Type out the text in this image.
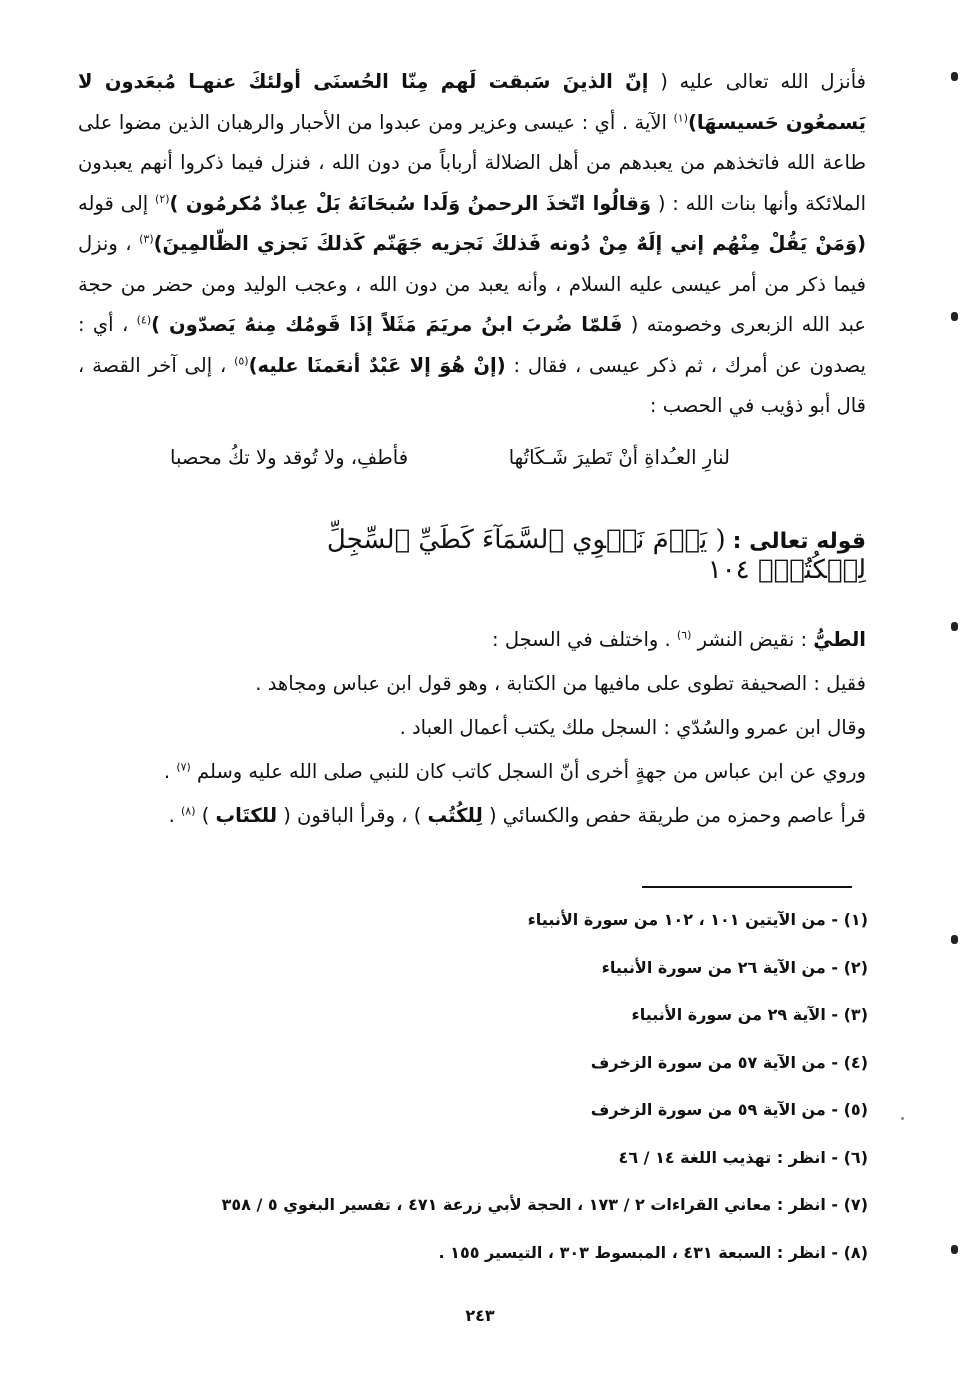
فأنزل الله تعالى عليه ( إنّ الذينَ سَبقت لَهم مِنّا الحُسنَى أولئكَ عنهـا مُبعَدون لا يَسمعُون حَسيسهَا)$^{(١)}$ الآية . أي : عيسى وعزير ومن عبدوا من الأحبار والرهبان الذين مضوا على طاعة الله فاتخذهم من يعبدهم من أهل الضلالة أرباباً من دون الله ، فنزل فيما ذكروا أنهم يعبدون الملائكة وأنها بنات الله : ( وَقالُوا اتّخذَ الرحمنُ وَلَدا سُبحَانَهُ بَلْ عِبادٌ مُكرمُون )$^{(٢)}$ إلى قوله (وَمَنْ يَقُلْ مِنْهُم إني إلَهٌ مِنْ دُونه فَذلكَ نَجزيه جَهَنّم كَذلكَ نَجزي الظّالمِينَ)$^{(٣)}$ ، ونزل فيما ذكر من أمر عيسى عليه السلام ، وأنه يعبد من دون الله ، وعجب الوليد ومن حضر من حجة عبد الله الزبعرى وخصومته ( فَلمّا ضُربَ ابنُ مريَمَ مَثَلاً إذَا قَومُك مِنهُ يَصدّون )$^{(٤)}$ ، أي : يصدون عن أمرك ، ثم ذكر عيسى ، فقال : (إنْ هُوَ إلا عَبْدٌ أنعَمنَا عليه)$^{(٥)}$ ، إلى آخر القصة ، قال أبو ذؤيب في الحصب :

لنارِ العـُداةِ أنْ تَطيرَ شَـكَاتُها
فأطفِ، ولا تُوقد ولا تكُ محصبا
قوله تعالى : ( يَوۡمَ نَطۡوِي ٱلسَّمَآءَ كَطَيِّ ٱلسِّجِلِّ لِلۡكُتُبِۚ ١٠٤
الطيُّ : نقيض النشر $^{(٦)}$ . واختلف في السجل :
فقيل : الصحيفة تطوى على مافيها من الكتابة ، وهو قول ابن عباس ومجاهد .
وقال ابن عمرو والسُدّي : السجل ملك يكتب أعمال العباد .
وروي عن ابن عباس من جهةٍ أخرى أنّ السجل كاتب كان للنبي صلى الله عليه وسلم $^{(٧)}$ .
قرأ عاصم وحمزه من طريقة حفص والكسائي ( لِلكُتُب ) ، وقرأ الباقون ( للكتَاب ) $^{(٨)}$ .
(١) - من الآيتين ١٠١ ، ١٠٢ من سورة الأنبياء
(٢) - من الآية ٢٦ من سورة الأنبياء
(٣) - الآية ٢٩ من سورة الأنبياء
(٤) - من الآية ٥٧ من سورة الزخرف
(٥) - من الآية ٥٩ من سورة الزخرف
(٦) - انظر : تهذيب اللغة ١٤ / ٤٦
(٧) - انظر : معاني القراءات ٢ / ١٧٣ ، الحجة لأبي زرعة ٤٧١ ، تفسير البغوي ٥ / ٣٥٨
(٨) - انظر : السبعة ٤٣١ ، المبسوط ٣٠٣ ، التيسير ١٥٥ .
٢٤٣
